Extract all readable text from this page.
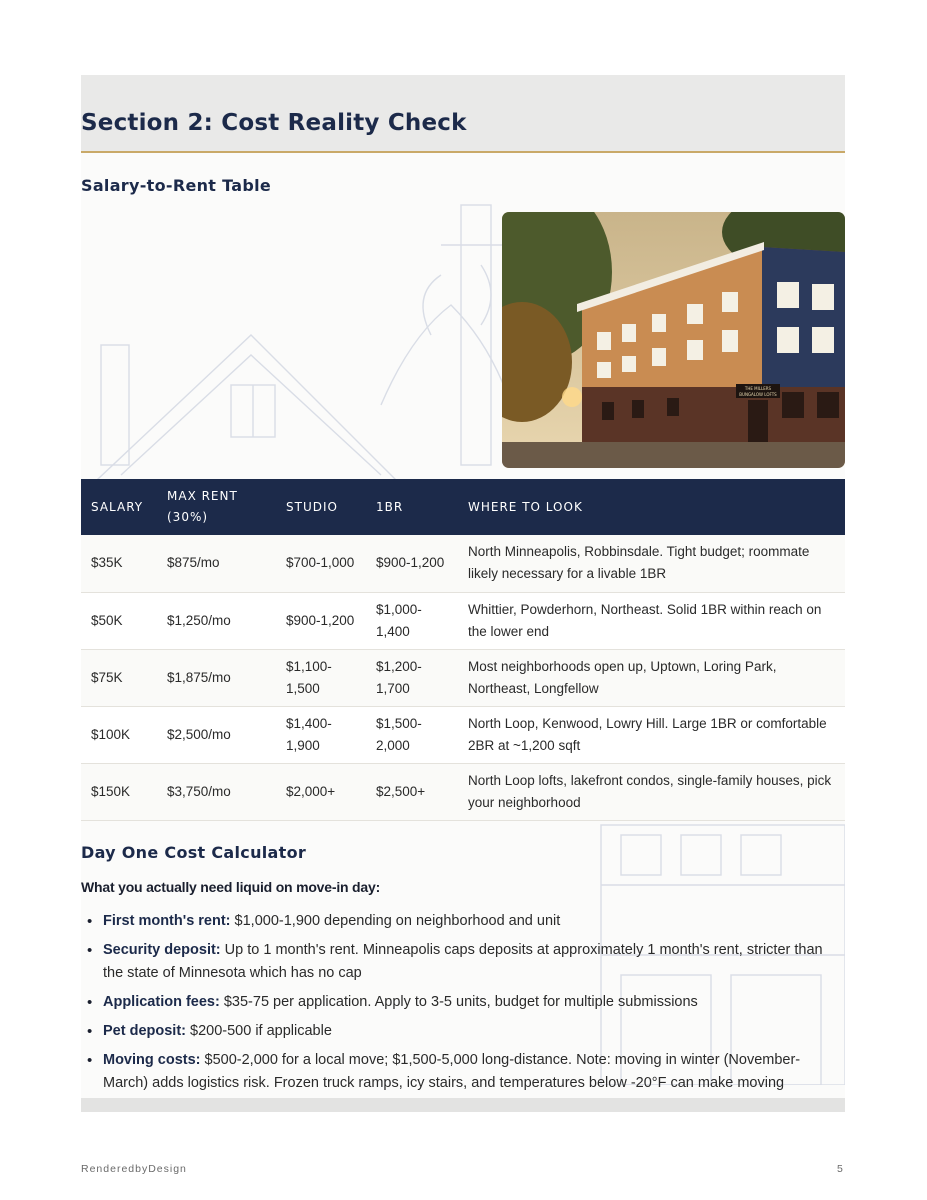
Section 2: Cost Reality Check
Salary-to-Rent Table
THE MILLERS
BUNGALOW LOFTS
SALARY	MAX RENT (30%)	STUDIO	1BR	WHERE TO LOOK
$35K	$875/mo	$700-1,000	$900-1,200	North Minneapolis, Robbinsdale. Tight budget; roommate likely necessary for a livable 1BR
$50K	$1,250/mo	$900-1,200	$1,000-1,400	Whittier, Powderhorn, Northeast. Solid 1BR within reach on the lower end
$75K	$1,875/mo	$1,100-1,500	$1,200-1,700	Most neighborhoods open up, Uptown, Loring Park, Northeast, Longfellow
$100K	$2,500/mo	$1,400-1,900	$1,500-2,000	North Loop, Kenwood, Lowry Hill. Large 1BR or comfortable 2BR at ~1,200 sqft
$150K	$3,750/mo	$2,000+	$2,500+	North Loop lofts, lakefront condos, single-family houses, pick your neighborhood
Day One Cost Calculator

What you actually need liquid on move-in day:

• First month's rent: $1,000-1,900 depending on neighborhood and unit
• Security deposit: Up to 1 month's rent. Minneapolis caps deposits at approximately 1 month's rent, stricter than the state of Minnesota which has no cap
• Application fees: $35-75 per application. Apply to 3-5 units, budget for multiple submissions
• Pet deposit: $200-500 if applicable
• Moving costs: $500-2,000 for a local move; $1,500-5,000 long-distance. Note: moving in winter (November-March) adds logistics risk. Frozen truck ramps, icy stairs, and temperatures below -20°F can make moving
RenderedbyDesign	5
